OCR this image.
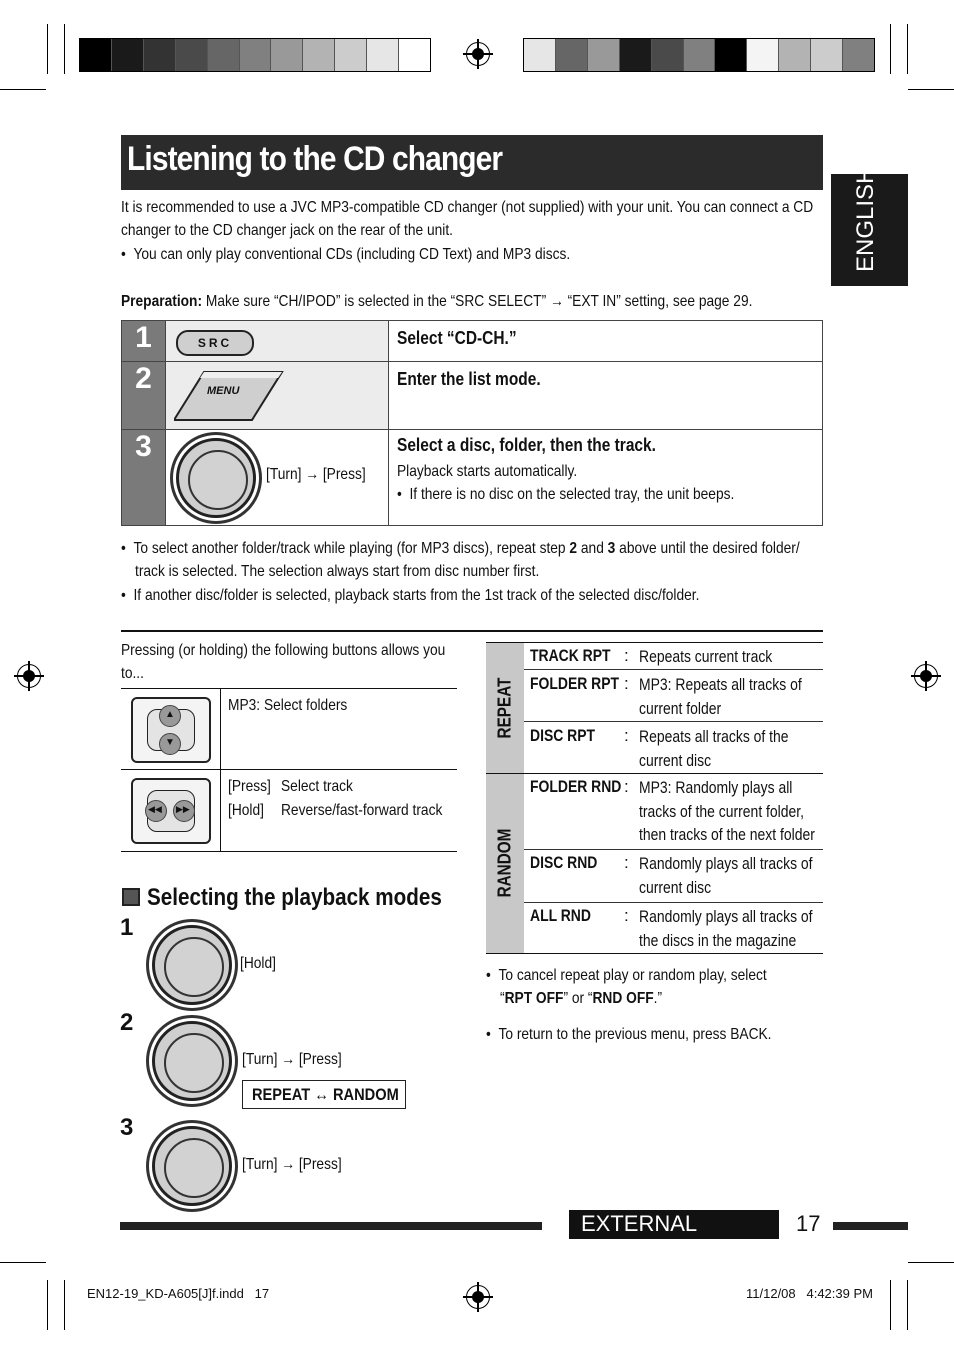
Listening to the CD changer
ENGLISH
It is recommended to use a JVC MP3-compatible CD changer (not supplied) with your unit. You can connect a CD
changer to the CD changer jack on the rear of the unit.
•  You can only play conventional CDs (including CD Text) and MP3 discs.
Preparation: Make sure “CH/IPOD” is selected in the “SRC SELECT” → “EXT IN” setting, see page 29.
1	SRC	Select “CD-CH.”

2	MENU	Enter the list mode.

3	[Turn] → [Press]	Select a disc, folder, then the track.
Playback starts automatically.
•  If there is no disc on the selected tray, the unit beeps.
•  To select another folder/track while playing (for MP3 discs), repeat step 2 and 3 above until the desired folder/
track is selected. The selection always start from disc number first.
•  If another disc/folder is selected, playback starts from the 1st track of the selected disc/folder.
Pressing (or holding) the following buttons allows you
to...
▲
▼
MP3: Select folders
◀◀ ▶▶
[Press] Select track
[Hold] Reverse/fast-forward track
Selecting the playback modes
1
[Hold]
2
[Turn] → [Press]
REPEAT ↔ RANDOM
3
[Turn] → [Press]
REPEAT
RANDOM
TRACK RPT : Repeats current track
FOLDER RPT : MP3: Repeats all tracks of
current folder
DISC RPT : Repeats all tracks of the
current disc
FOLDER RND : MP3: Randomly plays all
tracks of the current folder,
then tracks of the next folder
DISC RND : Randomly plays all tracks of
current disc
ALL RND : Randomly plays all tracks of
the discs in the magazine
•  To cancel repeat play or random play, select
“RPT OFF” or “RND OFF.”
•  To return to the previous menu, press BACK.
EXTERNAL DEVICES
17
EN12-19_KD-A605[J]f.indd   17	11/12/08   4:42:39 PM
